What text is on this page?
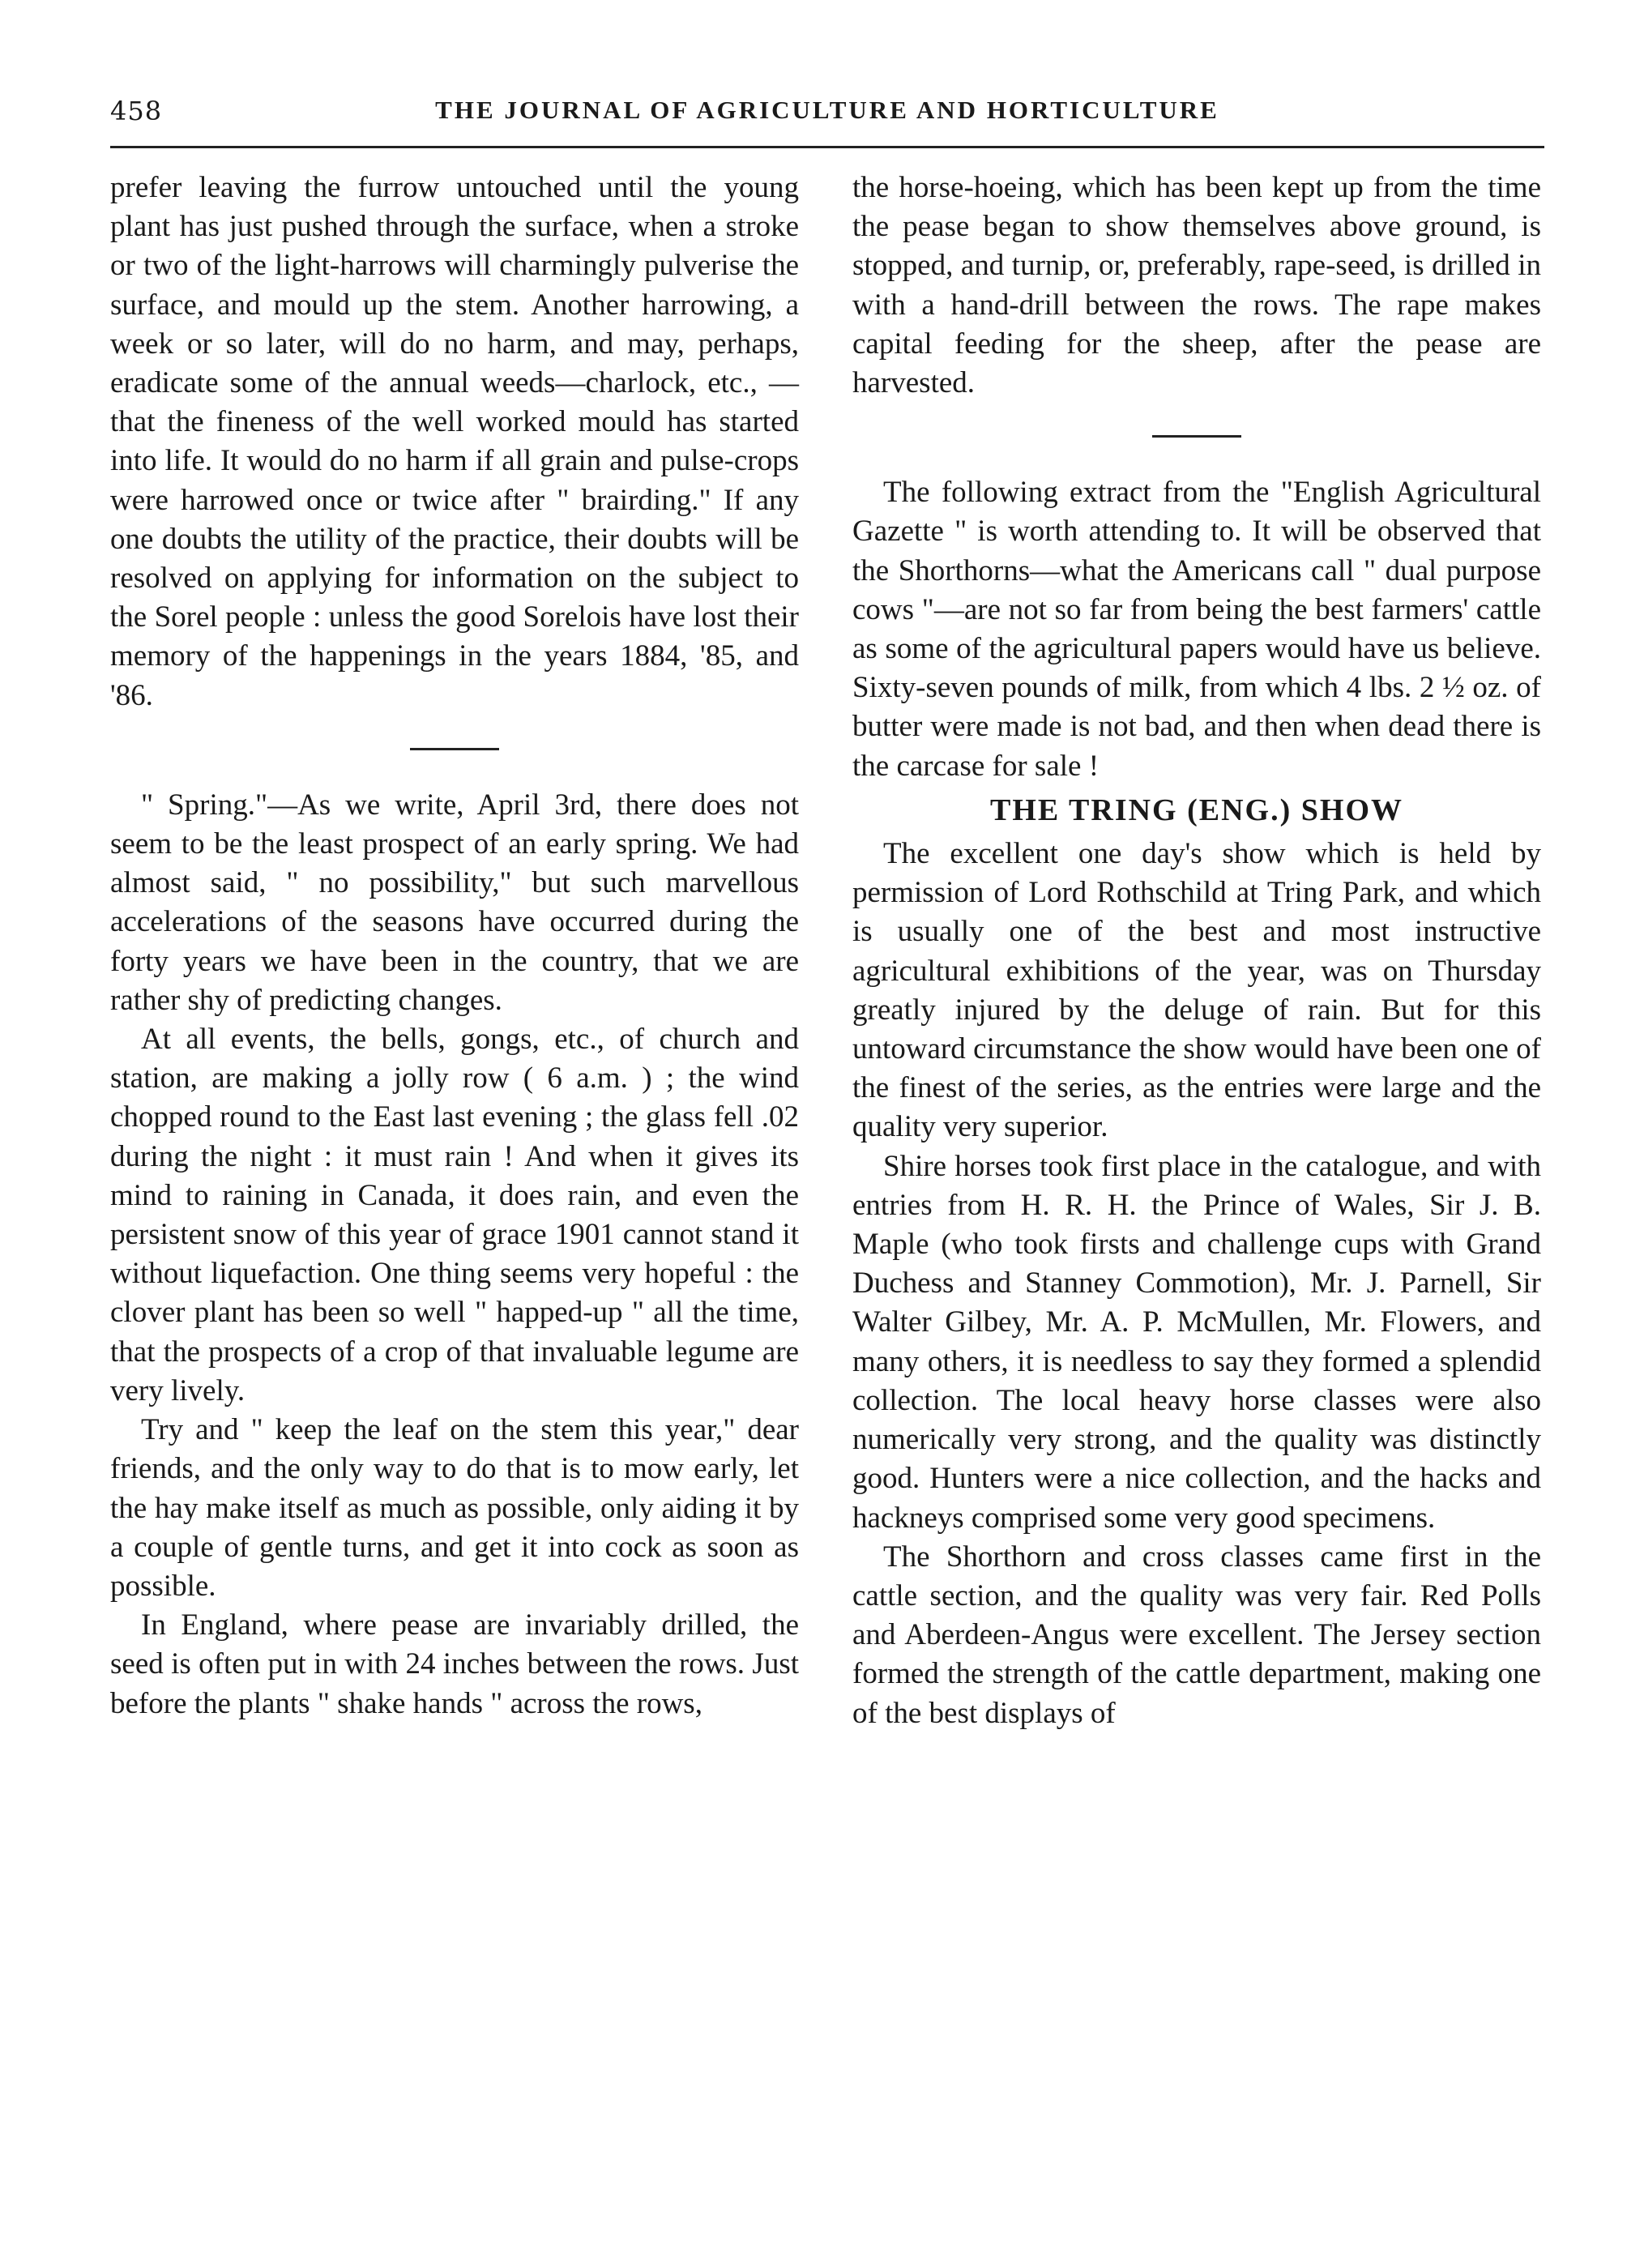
458	THE JOURNAL OF AGRICULTURE AND HORTICULTURE

prefer leaving the furrow untouched until the young plant has just pushed through the surface, when a stroke or two of the light-harrows will charmingly pulverise the surface, and mould up the stem. Another harrowing, a week or so later, will do no harm, and may, perhaps, eradicate some of the annual weeds—charlock, etc., —that the fineness of the well worked mould has started into life. It would do no harm if all grain and pulse-crops were harrowed once or twice after " brairding." If any one doubts the utility of the practice, their doubts will be resolved on applying for information on the subject to the Sorel people : unless the good Sorelois have lost their memory of the happenings in the years 1884, '85, and '86.

" Spring."—As we write, April 3rd, there does not seem to be the least prospect of an early spring. We had almost said, " no possibility," but such marvellous accelerations of the seasons have occurred during the forty years we have been in the country, that we are rather shy of predicting changes.

At all events, the bells, gongs, etc., of church and station, are making a jolly row ( 6 a.m. ) ; the wind chopped round to the East last evening ; the glass fell .02 during the night : it must rain ! And when it gives its mind to raining in Canada, it does rain, and even the persistent snow of this year of grace 1901 cannot stand it without liquefaction. One thing seems very hopeful : the clover plant has been so well " happed-up " all the time, that the prospects of a crop of that invaluable legume are very lively.

Try and " keep the leaf on the stem this year," dear friends, and the only way to do that is to mow early, let the hay make itself as much as possible, only aiding it by a couple of gentle turns, and get it into cock as soon as possible.

In England, where pease are invariably drilled, the seed is often put in with 24 inches between the rows. Just before the plants " shake hands " across the rows,

the horse-hoeing, which has been kept up from the time the pease began to show themselves above ground, is stopped, and turnip, or, preferably, rape-seed, is drilled in with a hand-drill between the rows. The rape makes capital feeding for the sheep, after the pease are harvested.

The following extract from the "English Agricultural Gazette " is worth attending to. It will be observed that the Shorthorns—what the Americans call " dual purpose cows "—are not so far from being the best farmers' cattle as some of the agricultural papers would have us believe. Sixty-seven pounds of milk, from which 4 lbs. 2 ½ oz. of butter were made is not bad, and then when dead there is the carcase for sale !

THE TRING (ENG.) SHOW

The excellent one day's show which is held by permission of Lord Rothschild at Tring Park, and which is usually one of the best and most instructive agricultural exhibitions of the year, was on Thursday greatly injured by the deluge of rain. But for this untoward circumstance the show would have been one of the finest of the series, as the entries were large and the quality very superior.

Shire horses took first place in the catalogue, and with entries from H. R. H. the Prince of Wales, Sir J. B. Maple (who took firsts and challenge cups with Grand Duchess and Stanney Commotion), Mr. J. Parnell, Sir Walter Gilbey, Mr. A. P. McMullen, Mr. Flowers, and many others, it is needless to say they formed a splendid collection. The local heavy horse classes were also numerically very strong, and the quality was distinctly good. Hunters were a nice collection, and the hacks and hackneys comprised some very good specimens.

The Shorthorn and cross classes came first in the cattle section, and the quality was very fair. Red Polls and Aberdeen-Angus were excellent. The Jersey section formed the strength of the cattle department, making one of the best displays of
